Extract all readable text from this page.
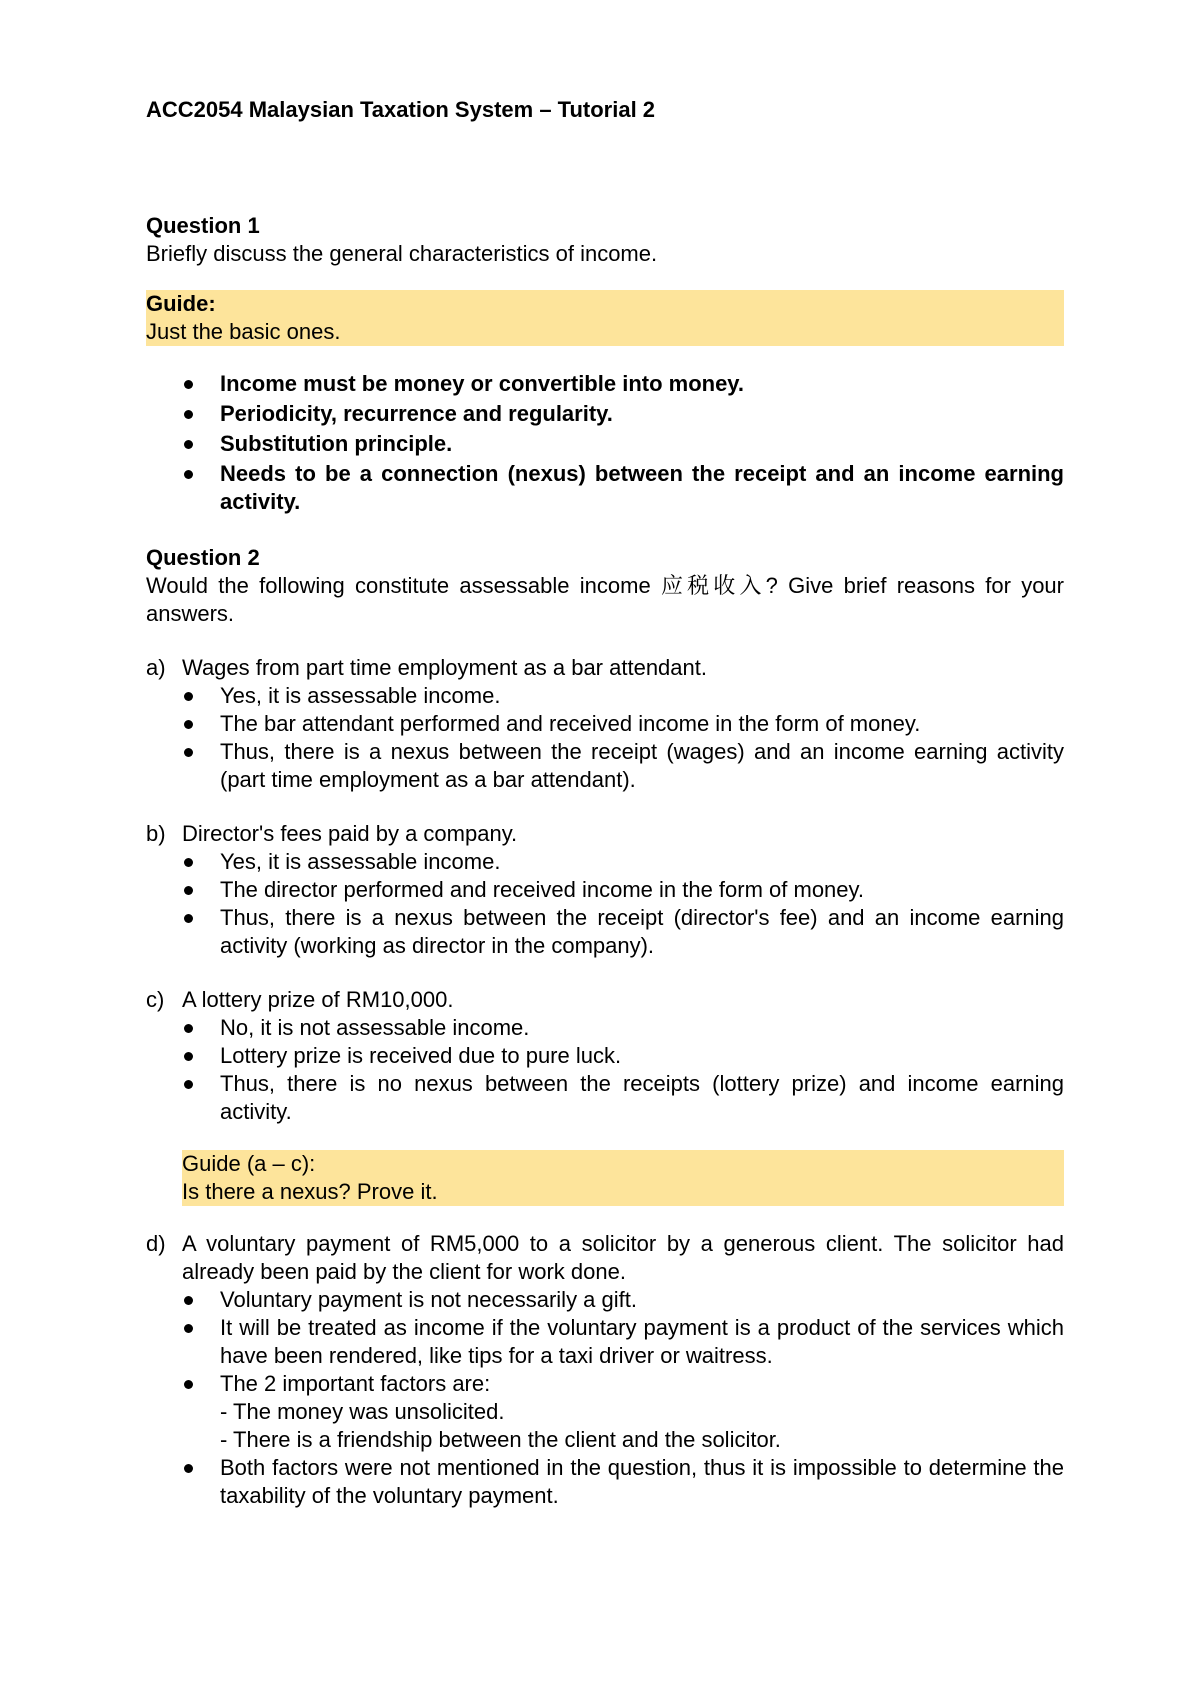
ACC2054 Malaysian Taxation System – Tutorial 2

Question 1

Briefly discuss the general characteristics of income.

Guide:
Just the basic ones.
Income must be money or convertible into money.
Periodicity, recurrence and regularity.
Substitution principle.
Needs to be a connection (nexus) between the receipt and an income earning activity.

Question 2

Would the following constitute assessable income 应税收入? Give brief reasons for your answers.

a) Wages from part time employment as a bar attendant.
Yes, it is assessable income.
The bar attendant performed and received income in the form of money.
Thus, there is a nexus between the receipt (wages) and an income earning activity (part time employment as a bar attendant).
b) Director's fees paid by a company.
Yes, it is assessable income.
The director performed and received income in the form of money.
Thus, there is a nexus between the receipt (director's fee) and an income earning activity (working as director in the company).
c) A lottery prize of RM10,000.
No, it is not assessable income.
Lottery prize is received due to pure luck.
Thus, there is no nexus between the receipts (lottery prize) and income earning activity.
Guide (a – c):
Is there a nexus? Prove it.
d) A voluntary payment of RM5,000 to a solicitor by a generous client. The solicitor had already been paid by the client for work done.
Voluntary payment is not necessarily a gift.
It will be treated as income if the voluntary payment is a product of the services which have been rendered, like tips for a taxi driver or waitress.
The 2 important factors are:
- The money was unsolicited.
- There is a friendship between the client and the solicitor.
Both factors were not mentioned in the question, thus it is impossible to determine the taxability of the voluntary payment.
